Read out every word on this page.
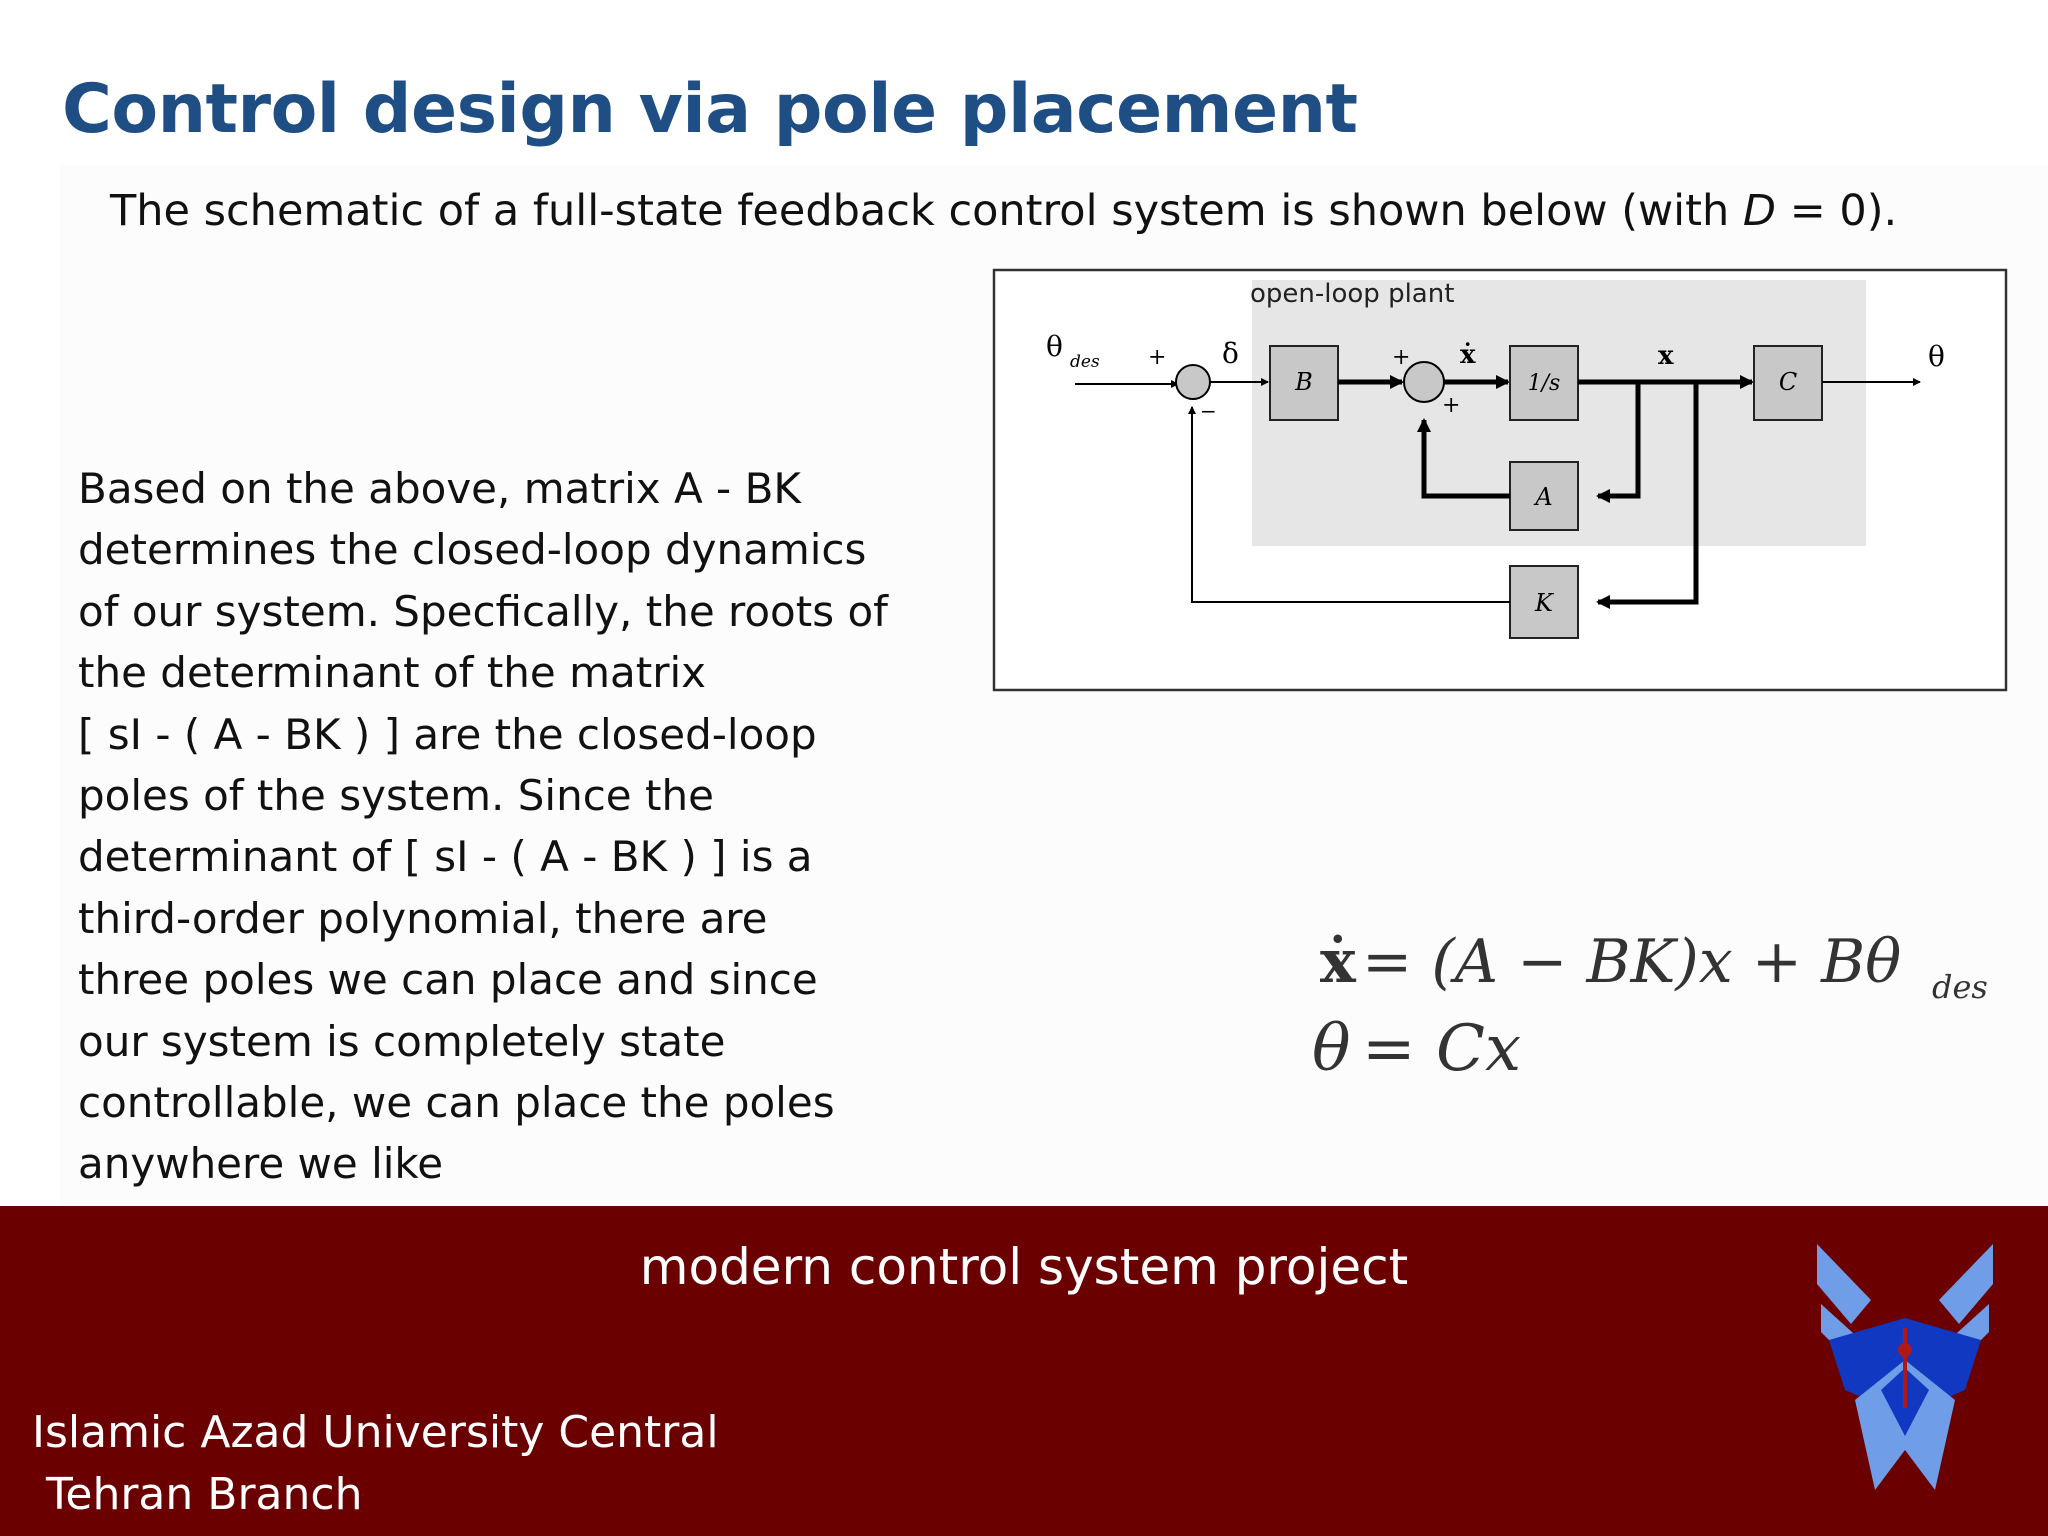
Control design via pole placement
The schematic of a full-state feedback control system is shown below (with D = 0).
Based on the above, matrix A - BK
determines the closed-loop dynamics
of our system. Specfically, the roots of
the determinant of the matrix
[ sI - ( A - BK ) ] are the closed-loop
poles of the system. Since the
determinant of [ sI - ( A - BK ) ] is a
third-order polynomial, there are
three poles we can place and since
our system is completely state
controllable, we can place the poles
anywhere we like
open-loop plant
θ des +
−
δ
B
+
+
ẋ
1/s
x
C
θ
A
K
ẋ = (A − BK)x + Bθ des
θ = Cx
modern control system project
Islamic Azad University Central
Tehran Branch
